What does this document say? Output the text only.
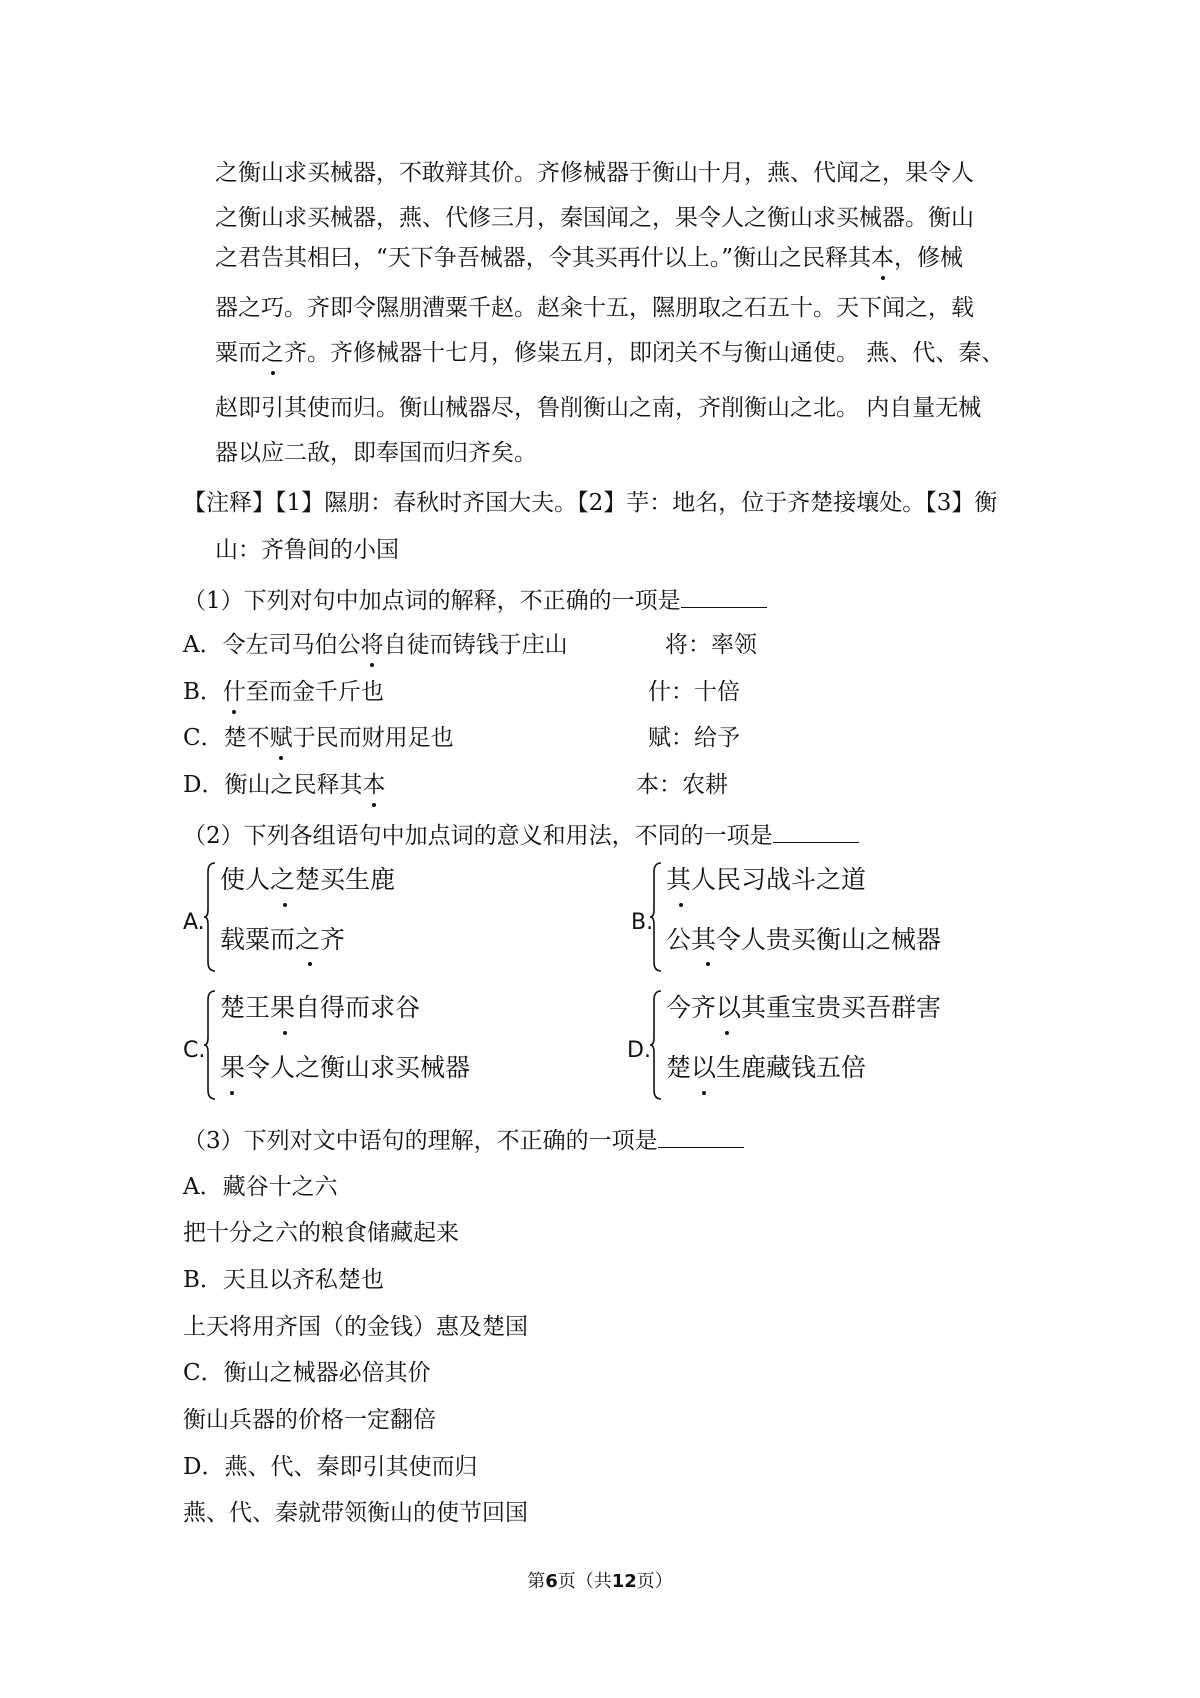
之衡山求买械器，不敢辩其价。齐修械器于衡山十月，燕、代闻之，果令人
之衡山求买械器，燕、代修三月，秦国闻之，果令人之衡山求买械器。衡山
之君告其相曰，“天下争吾械器，令其买再什以上。”衡山之民释其本，修械
器之巧。齐即令隰朋漕粟千赵。赵籴十五，隰朋取之石五十。天下闻之，载
粟而之齐。齐修械器十七月，修粜五月，即闭关不与衡山通使。 燕、代、秦、
赵即引其使而归。衡山械器尽，鲁削衡山之南，齐削衡山之北。 内自量无械
器以应二敌，即奉国而归齐矣。
【注释】【1】隰朋：春秋时齐国大夫。【2】芋：地名，位于齐楚接壤处。【3】衡
山：齐鲁间的小国
（1）下列对句中加点词的解释，不正确的一项是
A．令左司马伯公将自徒而铸钱于庄山	将：率领
B．什至而金千斤也	什：十倍
C．楚不赋于民而财用足也	赋：给予
D．衡山之民释其本	本：农耕
（2）下列各组语句中加点词的意义和用法，不同的一项是
A.
使人之楚买生鹿
载粟而之齐
B.
其人民习战斗之道
公其令人贵买衡山之械器
C.
楚王果自得而求谷
果令人之衡山求买械器
D.
今齐以其重宝贵买吾群害
楚以生鹿藏钱五倍
（3）下列对文中语句的理解，不正确的一项是
A．藏谷十之六
把十分之六的粮食储藏起来
B．天且以齐私楚也
上天将用齐国（的金钱）惠及楚国
C．衡山之械器必倍其价
衡山兵器的价格一定翻倍
D．燕、代、秦即引其使而归
燕、代、秦就带领衡山的使节回国
第6页（共12页）
